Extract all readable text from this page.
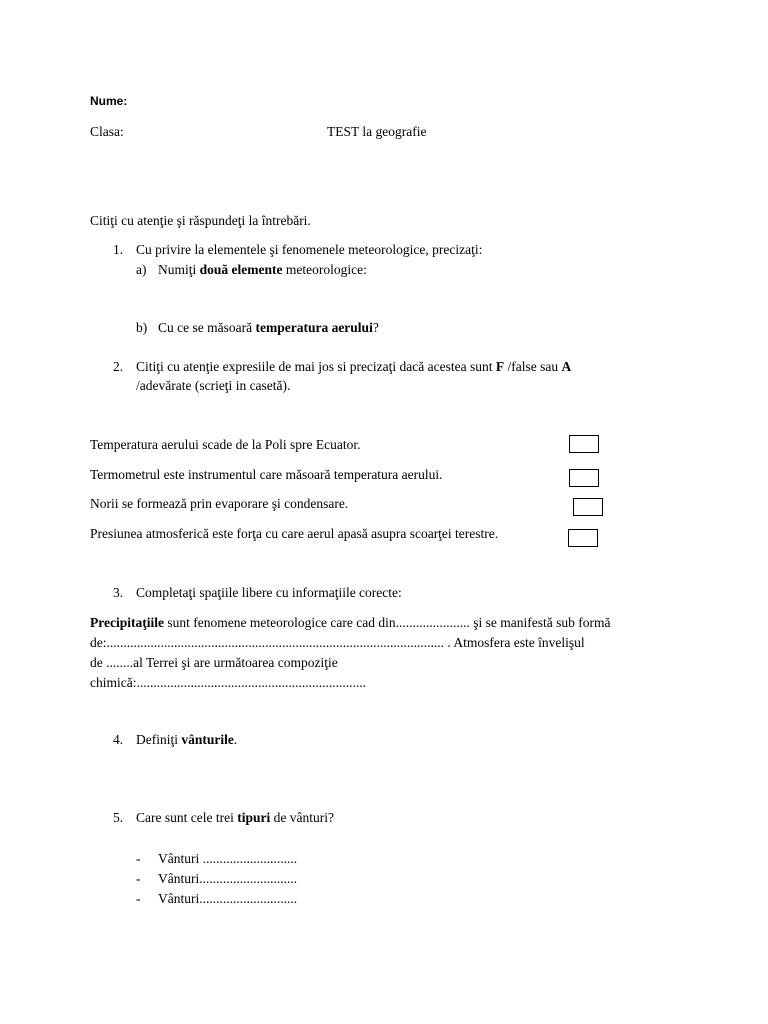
Nume:
Clasa:	TEST la geografie
Citiţi cu atenţie şi răspundeţi la întrebări.
1. Cu privire la elementele şi fenomenele meteorologice, precizaţi:
a) Numiţi două elemente meteorologice:
b) Cu ce se măsoară temperatura aerului?
2. Citiţi cu atenţie expresiile de mai jos si precizaţi dacă acestea sunt F /false sau A
/adevărate (scrieţi in casetă).
Temperatura aerului scade de la Poli spre Ecuator.
Termometrul este instrumentul care măsoară temperatura aerului.
Norii se formează prin evaporare şi condensare.
Presiunea atmosferică este forţa cu care aerul apasă asupra scoarţei terestre.
3. Completaţi spaţiile libere cu informaţiile corecte:
Precipitaţiile sunt fenomene meteorologice care cad din...................... şi se manifestă sub formă
de:.................................................................................................... . Atmosfera este învelişul
de ........al Terrei şi are următoarea compoziţie
chimică:....................................................................
4. Definiţi vânturile.
5. Care sunt cele trei tipuri de vânturi?
- Vânturi ............................
- Vânturi.............................
- Vânturi.............................
